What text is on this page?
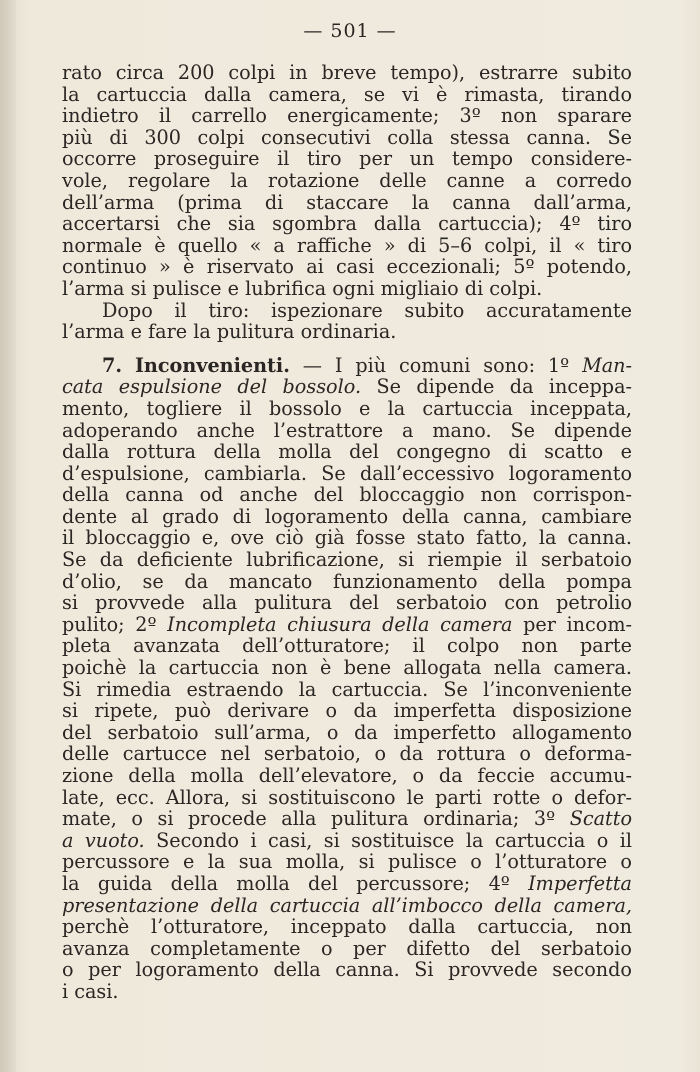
— 501 —
rato circa 200 colpi in breve tempo), estrarre subito
la cartuccia dalla camera, se vi è rimasta, tirando
indietro il carrello energicamente; 3º non sparare
più di 300 colpi consecutivi colla stessa canna. Se
occorre proseguire il tiro per un tempo considere-
vole, regolare la rotazione delle canne a corredo
dell’arma (prima di staccare la canna dall’arma,
accertarsi che sia sgombra dalla cartuccia); 4º tiro
normale è quello « a raffiche » di 5–6 colpi, il « tiro
continuo » è riservato ai casi eccezionali; 5º potendo,
l’arma si pulisce e lubrifica ogni migliaio di colpi.
Dopo il tiro: ispezionare subito accuratamente
l’arma e fare la pulitura ordinaria.
7. Inconvenienti. — I più comuni sono: 1º Man-
cata espulsione del bossolo. Se dipende da inceppa-
mento, togliere il bossolo e la cartuccia inceppata,
adoperando anche l’estrattore a mano. Se dipende
dalla rottura della molla del congegno di scatto e
d’espulsione, cambiarla. Se dall’eccessivo logoramento
della canna od anche del bloccaggio non corrispon-
dente al grado di logoramento della canna, cambiare
il bloccaggio e, ove ciò già fosse stato fatto, la canna.
Se da deficiente lubrificazione, si riempie il serbatoio
d’olio, se da mancato funzionamento della pompa
si provvede alla pulitura del serbatoio con petrolio
pulito; 2º Incompleta chiusura della camera per incom-
pleta avanzata dell’otturatore; il colpo non parte
poichè la cartuccia non è bene allogata nella camera.
Si rimedia estraendo la cartuccia. Se l’inconveniente
si ripete, può derivare o da imperfetta disposizione
del serbatoio sull’arma, o da imperfetto allogamento
delle cartucce nel serbatoio, o da rottura o deforma-
zione della molla dell’elevatore, o da feccie accumu-
late, ecc. Allora, si sostituiscono le parti rotte o defor-
mate, o si procede alla pulitura ordinaria; 3º Scatto
a vuoto. Secondo i casi, si sostituisce la cartuccia o il
percussore e la sua molla, si pulisce o l’otturatore o
la guida della molla del percussore; 4º Imperfetta
presentazione della cartuccia all’imbocco della camera,
perchè l’otturatore, inceppato dalla cartuccia, non
avanza completamente o per difetto del serbatoio
o per logoramento della canna. Si provvede secondo
i casi.
